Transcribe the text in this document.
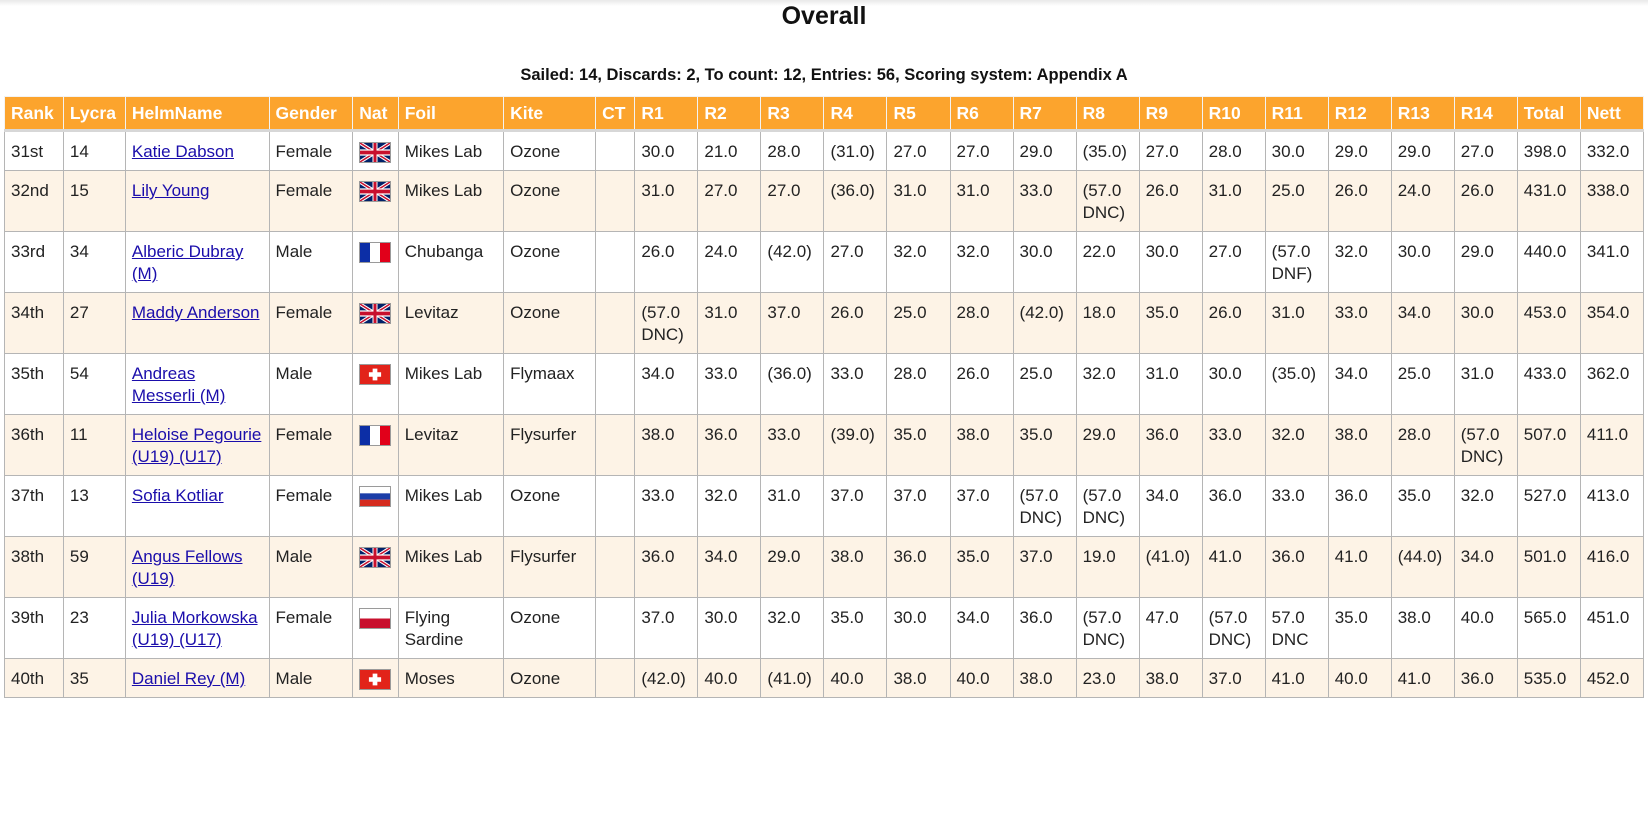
Overall
Sailed: 14, Discards: 2, To count: 12, Entries: 56, Scoring system: Appendix A
Rank	Lycra	HelmName	Gender	Nat	Foil	Kite	CT	R1	R2	R3	R4	R5	R6	R7	R8	R9	R10	R11	R12	R13	R14	Total	Nett
31st	14	Katie Dabson	Female		Mikes Lab	Ozone		30.0	21.0	28.0	(31.0)	27.0	27.0	29.0	(35.0)	27.0	28.0	30.0	29.0	29.0	27.0	398.0	332.0
32nd	15	Lily Young	Female		Mikes Lab	Ozone		31.0	27.0	27.0	(36.0)	31.0	31.0	33.0	(57.0 DNC)	26.0	31.0	25.0	26.0	24.0	26.0	431.0	338.0
33rd	34	Alberic Dubray (M)	Male		Chubanga	Ozone		26.0	24.0	(42.0)	27.0	32.0	32.0	30.0	22.0	30.0	27.0	(57.0 DNF)	32.0	30.0	29.0	440.0	341.0
34th	27	Maddy Anderson	Female		Levitaz	Ozone		(57.0 DNC)	31.0	37.0	26.0	25.0	28.0	(42.0)	18.0	35.0	26.0	31.0	33.0	34.0	30.0	453.0	354.0
35th	54	Andreas Messerli (M)	Male		Mikes Lab	Flymaax		34.0	33.0	(36.0)	33.0	28.0	26.0	25.0	32.0	31.0	30.0	(35.0)	34.0	25.0	31.0	433.0	362.0
36th	11	Heloise Pegourie (U19) (U17)	Female		Levitaz	Flysurfer		38.0	36.0	33.0	(39.0)	35.0	38.0	35.0	29.0	36.0	33.0	32.0	38.0	28.0	(57.0 DNC)	507.0	411.0
37th	13	Sofia Kotliar	Female		Mikes Lab	Ozone		33.0	32.0	31.0	37.0	37.0	37.0	(57.0 DNC)	(57.0 DNC)	34.0	36.0	33.0	36.0	35.0	32.0	527.0	413.0
38th	59	Angus Fellows (U19)	Male		Mikes Lab	Flysurfer		36.0	34.0	29.0	38.0	36.0	35.0	37.0	19.0	(41.0)	41.0	36.0	41.0	(44.0)	34.0	501.0	416.0
39th	23	Julia Morkowska (U19) (U17)	Female		Flying Sardine	Ozone		37.0	30.0	32.0	35.0	30.0	34.0	36.0	(57.0 DNC)	47.0	(57.0 DNC)	57.0 DNC	35.0	38.0	40.0	565.0	451.0
40th	35	Daniel Rey (M)	Male		Moses	Ozone		(42.0)	40.0	(41.0)	40.0	38.0	40.0	38.0	23.0	38.0	37.0	41.0	40.0	41.0	36.0	535.0	452.0
